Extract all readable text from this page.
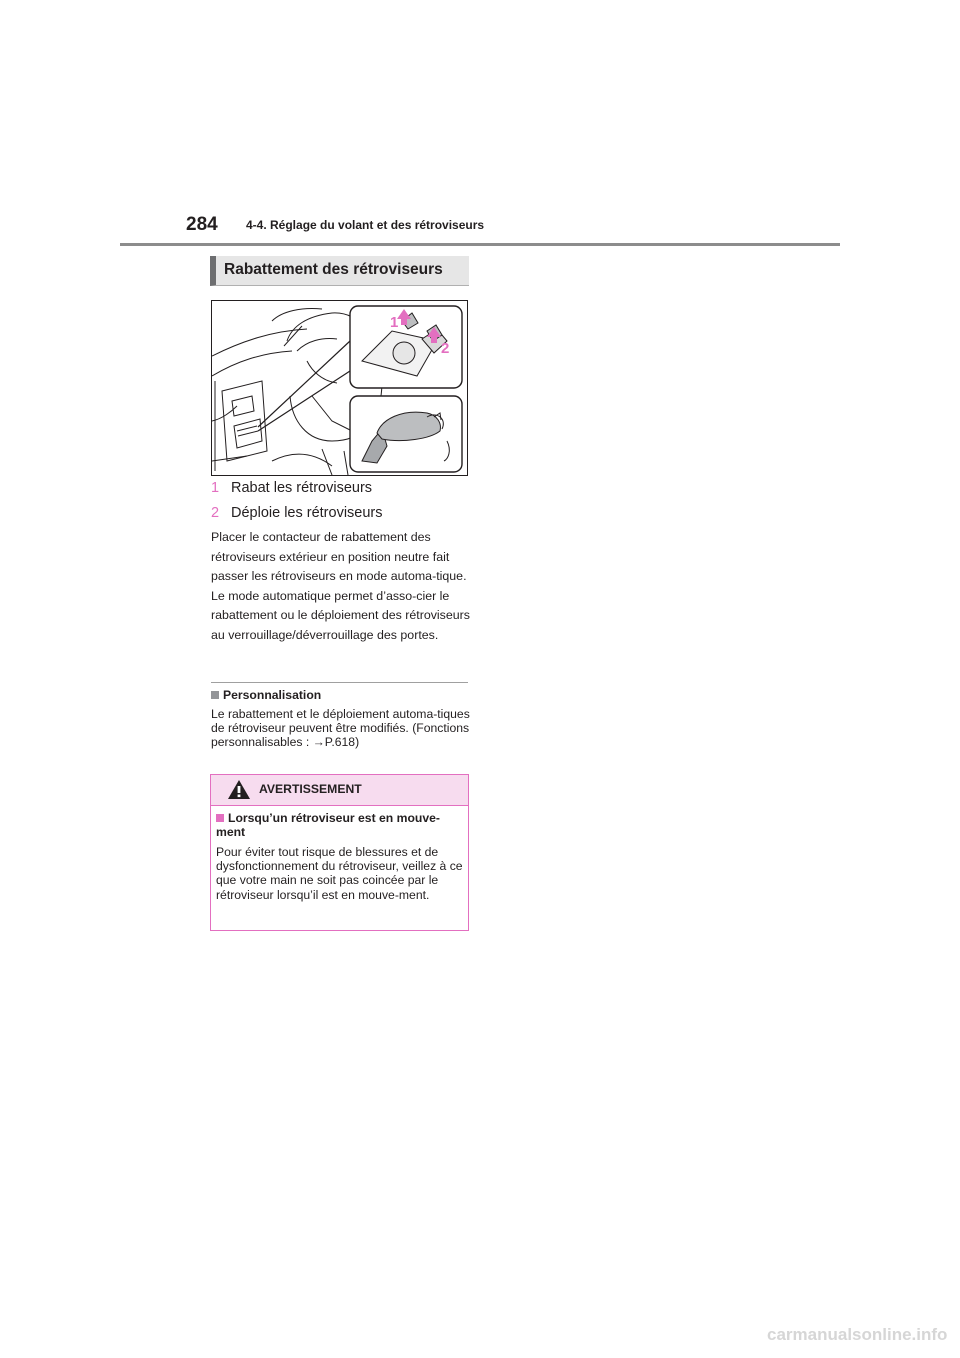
284 4-4. Réglage du volant et des rétroviseurs
Rabattement des rétroviseurs
1
2
1 Rabat les rétroviseurs
2 Déploie les rétroviseurs

Placer le contacteur de rabattement des rétroviseurs extérieur en position neutre fait passer les rétroviseurs en mode automa-tique. Le mode automatique permet d’asso-cier le rabattement ou le déploiement des rétroviseurs au verrouillage/déverrouillage des portes.

Personnalisation

Le rabattement et le déploiement automa-tiques de rétroviseur peuvent être modifiés. (Fonctions personnalisables : →P.618)

AVERTISSEMENT
Lorsqu’un rétroviseur est en mouve-ment

Pour éviter tout risque de blessures et de dysfonctionnement du rétroviseur, veillez à ce que votre main ne soit pas coincée par le rétroviseur lorsqu’il est en mouve-ment.

carmanualsonline.info
